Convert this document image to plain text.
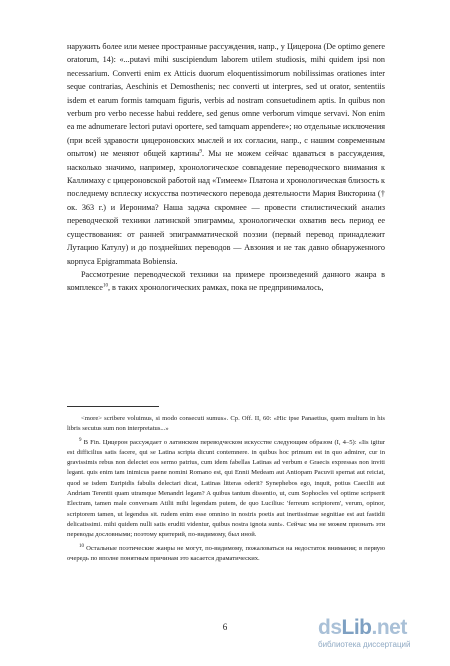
наружить более или менее пространные рассуждения, напр., у Цицерона (De optimo genere oratorum, 14): «...putavi mihi suscipiendum laborem utilem studiosis, mihi quidem ipsi non necessarium. Converti enim ex Atticis duorum eloquentissimorum nobilissimas orationes inter seque contrarias, Aeschinis et Demosthenis; nec converti ut interpres, sed ut orator, sententiis isdem et earum formis tamquam figuris, verbis ad nostram consuetudinem aptis. In quibus non verbum pro verbo necesse habui reddere, sed genus omne verborum vimque servavi. Non enim ea me adnumerare lectori putavi oportere, sed tamquam appendere»; но отдельные исключения (при всей здравости цицероновских мыслей и их согласии, напр., с нашим современным опытом) не меняют общей картины$^9$. Мы не можем сейчас вдаваться в рассуждения, насколько значимо, например, хронологическое совпадение переводческого внимания к Каллимаху с цицероновской работой над «Тимеем» Платона и хронологическая близость к последнему всплеску искусства поэтического перевода деятельности Мария Викторина († ок. 363 г.) и Иеронима? Наша задача скромнее — провести стилистический анализ переводческой техники латинской эпиграммы, хронологически охватив весь период ее существования: от ранней эпиграмматической поэзии (первый перевод принадлежит Лутацию Катулу) и до позднейших переводов — Авзония и не так давно обнаруженного корпуса Epigrammata Bobiensia.

Рассмотрение переводческой техники на примере произведений данного жанра в комплексе$^{10}$, в таких хронологических рамках, пока не предпринималось,

<more> scribere voluimus, si modo consecuti sumus». Ср. Off. II, 60: «Hic ipse Panaetius, quem multum in his libris secutus sum non interpretatus...»

$^9$ В Fin. Цицерон рассуждает о латинском переводческом искусстве следующим образом (I, 4–5): «Iis igitur est difficilius satis facere, qui se Latina scripta dicunt contemnere. in quibus hoc primum est in quo admirer, cur in gravissimis rebus non delectet eos sermo patrius, cum idem fabellas Latinas ad verbum e Graecis expressas non inviti legant. quis enim tam inimicus paene nomini Romano est, qui Ennii Medeam aut Antiopam Pacuvii spernat aut reiciat, quod se isdem Euripidis fabulis delectari dicat, Latinas litteras oderit? Synephebos ego, inquit, potius Caecilii aut Andriam Terentii quam utramque Menandri legam? A quibus tantum dissentio, ut, cum Sophocles vel optime scripserit Electram, tamen male conversam Atilii mihi legendam putem, de quo Lucilius: 'ferreum scriptorem', verum, opinor, scriptorem tamen, ut legendus sit. rudem enim esse omnino in nostris poetis aut inertissimae segnitiae est aut fastidii delicatissimi. mihi quidem nulli satis eruditi videntur, quibus nostra ignota sunt». Сейчас мы не можем признать эти переводы дословными; поэтому критерий, по-видимому, был иной.

$^{10}$ Остальные поэтические жанры не могут, по-видимому, пожаловаться на недостаток внимания; в первую очередь по вполне понятным причинам это касается драматических.

6	dsLib.net
библиотека диссертаций
